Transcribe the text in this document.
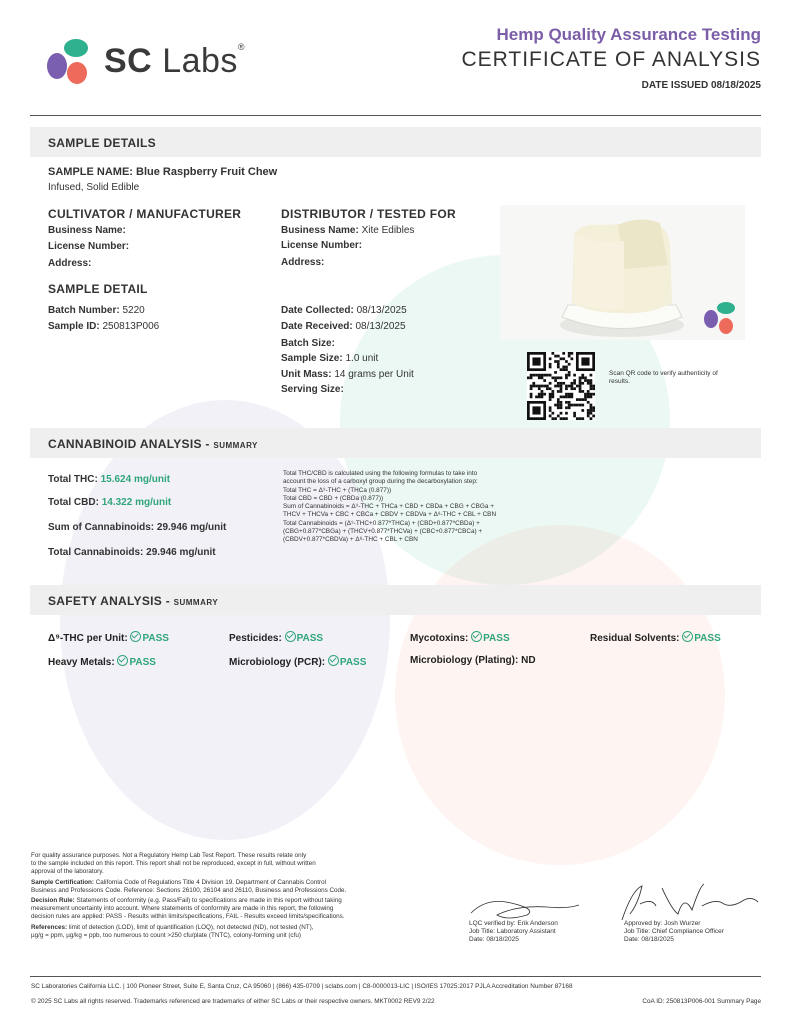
SC Labs®
Hemp Quality Assurance Testing
CERTIFICATE OF ANALYSIS
DATE ISSUED 08/18/2025
SAMPLE DETAILS
SAMPLE NAME: Blue Raspberry Fruit Chew
Infused, Solid Edible
CULTIVATOR / MANUFACTURER
Business Name:
License Number:
Address:
DISTRIBUTOR / TESTED FOR
Business Name: Xite Edibles
License Number:
Address:
SAMPLE DETAIL
Batch Number: 5220
Sample ID: 250813P006
Date Collected: 08/13/2025
Date Received: 08/13/2025
Batch Size:
Sample Size: 1.0 unit
Unit Mass: 14 grams per Unit
Serving Size:
Scan QR code to verify authenticity of results.
CANNABINOID ANALYSIS - SUMMARY
Total THC: 15.624 mg/unit
Total CBD: 14.322 mg/unit
Sum of Cannabinoids: 29.946 mg/unit
Total Cannabinoids: 29.946 mg/unit
Total THC/CBD is calculated using the following formulas to take into
account the loss of a carboxyl group during the decarboxylation step:
Total THC = Δ⁹-THC + (THCa (0.877))
Total CBD = CBD + (CBDa (0.877))
Sum of Cannabinoids = Δ⁹-THC + THCa + CBD + CBDa + CBG + CBGa +
THCV + THCVa + CBC + CBCa + CBDV + CBDVa + Δ⁸-THC + CBL + CBN
Total Cannabinoids = (Δ⁹-THC+0.877*THCa) + (CBD+0.877*CBDa) +
(CBG+0.877*CBGa) + (THCV+0.877*THCVa) + (CBC+0.877*CBCa) +
(CBDV+0.877*CBDVa) + Δ⁸-THC + CBL + CBN
SAFETY ANALYSIS - SUMMARY
Δ⁹-THC per Unit: PASS	Pesticides: PASS	Mycotoxins: PASS	Residual Solvents: PASS
Heavy Metals: PASS	Microbiology (PCR): PASS	Microbiology (Plating): ND
For quality assurance purposes. Not a Regulatory Hemp Lab Test Report. These results relate only
to the sample included on this report. This report shall not be reproduced, except in full, without written
approval of the laboratory.
Sample Certification: California Code of Regulations Title 4 Division 19. Department of Cannabis Control
Business and Professions Code. Reference: Sections 26100, 26104 and 26110, Business and Professions Code.
Decision Rule: Statements of conformity (e.g. Pass/Fail) to specifications are made in this report without taking
measurement uncertainty into account. Where statements of conformity are made in this report, the following
decision rules are applied: PASS - Results within limits/specifications, FAIL - Results exceed limits/specifications.
References: limit of detection (LOD), limit of quantification (LOQ), not detected (ND), not tested (NT),
µg/g = ppm, µg/kg = ppb, too numerous to count >250 cfu/plate (TNTC), colony-forming unit (cfu)
LQC verified by: Erik Anderson
Job Title: Laboratory Assistant
Date: 08/18/2025
Approved by: Josh Wurzer
Job Title: Chief Compliance Officer
Date: 08/18/2025
SC Laboratories California LLC. | 100 Pioneer Street, Suite E, Santa Cruz, CA 95060 | (866) 435-0709 | sclabs.com | C8-0000013-LIC | ISO/IES 17025:2017 PJLA Accreditation Number 87168
© 2025 SC Labs all rights reserved. Trademarks referenced are trademarks of either SC Labs or their respective owners. MKT0002 REV9 2/22	CoA ID: 250813P006-001 Summary Page
